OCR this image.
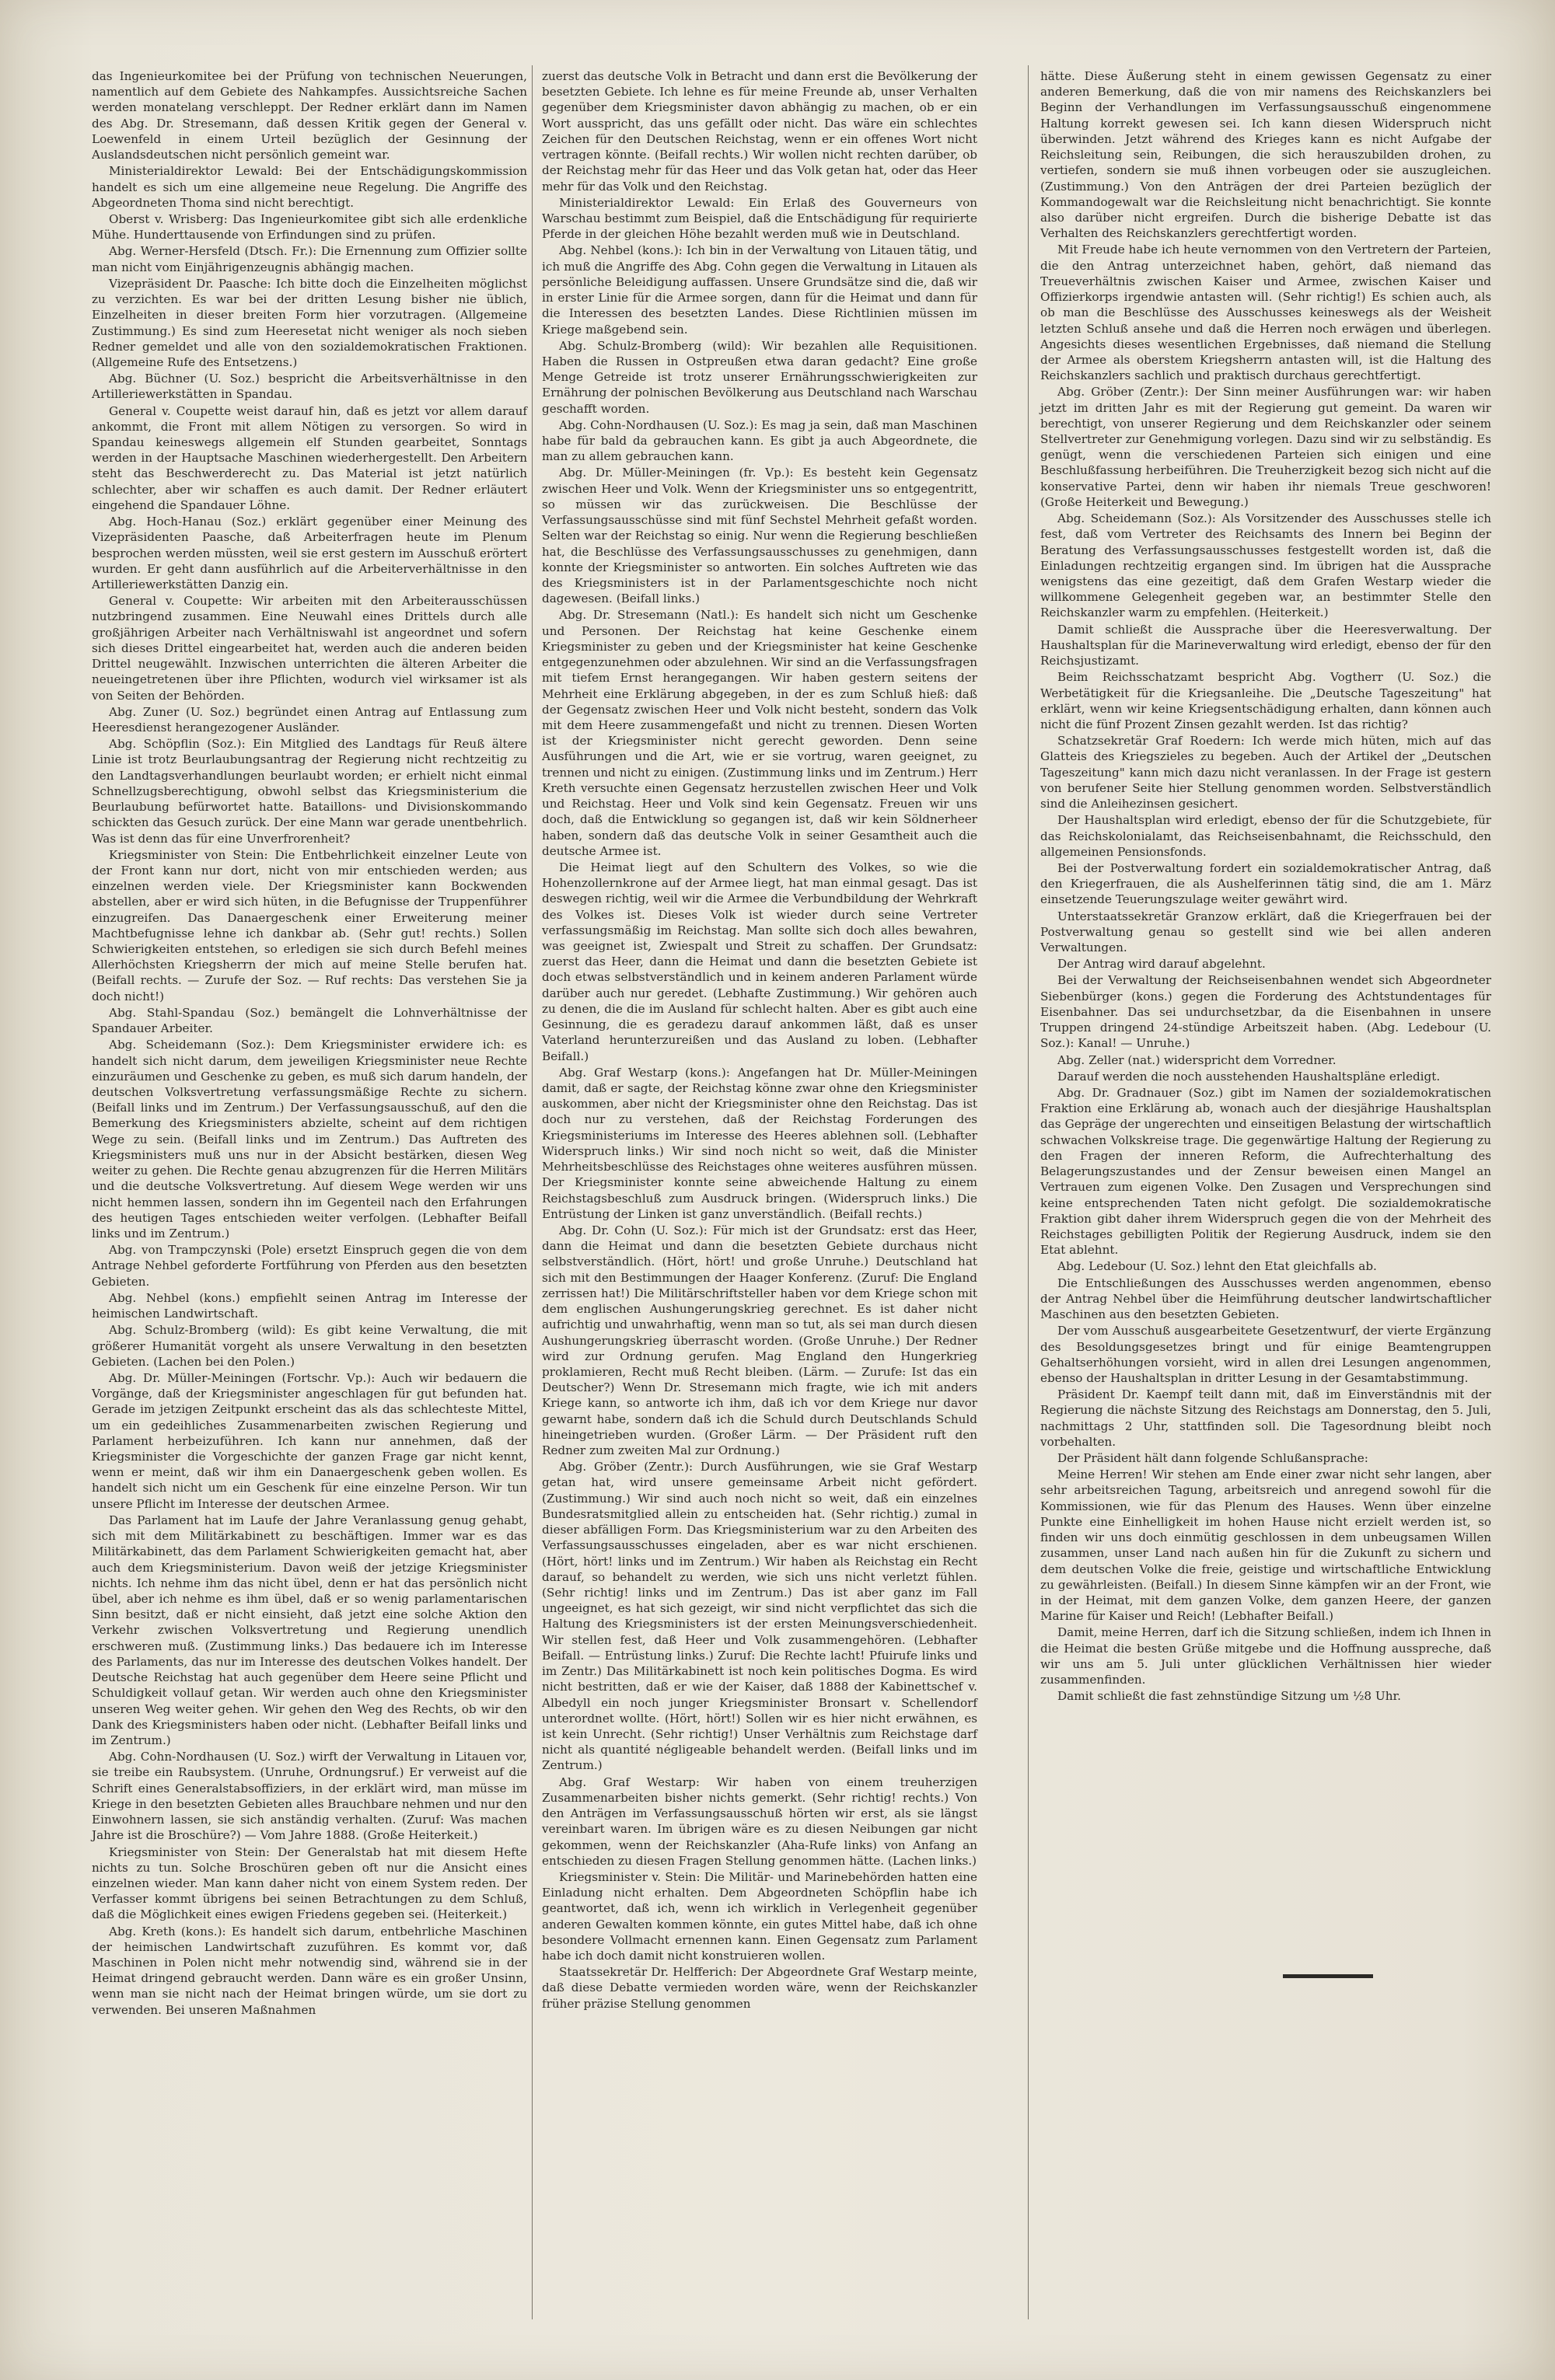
das Ingenieurkomitee bei der Prüfung von technischen Neuerungen, namentlich auf dem Gebiete des Nahkampfes. Aussichtsreiche Sachen werden monatelang verschleppt. Der Redner erklärt dann im Namen des Abg. Dr. Stresemann, daß dessen Kritik gegen der General v. Loewenfeld in einem Urteil bezüglich der Gesinnung der Auslandsdeutschen nicht persönlich gemeint war.

Ministerialdirektor Lewald: Bei der Entschädigungskommission handelt es sich um eine allgemeine neue Regelung. Die Angriffe des Abgeordneten Thoma sind nicht berechtigt.

Oberst v. Wrisberg: Das Ingenieurkomitee gibt sich alle erdenkliche Mühe. Hunderttausende von Erfindungen sind zu prüfen.

Abg. Werner-Hersfeld (Dtsch. Fr.): Die Ernennung zum Offizier sollte man nicht vom Einjährigenzeugnis abhängig machen.

Vizepräsident Dr. Paasche: Ich bitte doch die Einzelheiten möglichst zu verzichten. Es war bei der dritten Lesung bisher nie üblich, Einzelheiten in dieser breiten Form hier vorzutragen. (Allgemeine Zustimmung.) Es sind zum Heeresetat nicht weniger als noch sieben Redner gemeldet und alle von den sozialdemokratischen Fraktionen. (Allgemeine Rufe des Entsetzens.)

Abg. Büchner (U. Soz.) bespricht die Arbeitsverhältnisse in den Artilleriewerkstätten in Spandau.

General v. Coupette weist darauf hin, daß es jetzt vor allem darauf ankommt, die Front mit allem Nötigen zu versorgen. So wird in Spandau keineswegs allgemein elf Stunden gearbeitet, Sonntags werden in der Hauptsache Maschinen wiederhergestellt. Den Arbeitern steht das Beschwerderecht zu. Das Material ist jetzt natürlich schlechter, aber wir schaffen es auch damit. Der Redner erläutert eingehend die Spandauer Löhne.

Abg. Hoch-Hanau (Soz.) erklärt gegenüber einer Meinung des Vizepräsidenten Paasche, daß Arbeiterfragen heute im Plenum besprochen werden müssten, weil sie erst gestern im Ausschuß erörtert wurden. Er geht dann ausführlich auf die Arbeiterverhältnisse in den Artilleriewerkstätten Danzig ein.

General v. Coupette: Wir arbeiten mit den Arbeiterausschüssen nutzbringend zusammen. Eine Neuwahl eines Drittels durch alle großjährigen Arbeiter nach Verhältniswahl ist angeordnet und sofern sich dieses Drittel eingearbeitet hat, werden auch die anderen beiden Drittel neugewählt. Inzwischen unterrichten die älteren Arbeiter die neueingetretenen über ihre Pflichten, wodurch viel wirksamer ist als von Seiten der Behörden.

Abg. Zuner (U. Soz.) begründet einen Antrag auf Entlassung zum Heeresdienst herangezogener Ausländer.

Abg. Schöpflin (Soz.): Ein Mitglied des Landtags für Reuß ältere Linie ist trotz Beurlaubungsantrag der Regierung nicht rechtzeitig zu den Landtagsverhandlungen beurlaubt worden; er erhielt nicht einmal Schnellzugsberechtigung, obwohl selbst das Kriegsministerium die Beurlaubung befürwortet hatte. Bataillons- und Divisionskommando schickten das Gesuch zurück. Der eine Mann war gerade unentbehrlich. Was ist denn das für eine Unverfrorenheit?

Kriegsminister von Stein: Die Entbehrlichkeit einzelner Leute von der Front kann nur dort, nicht von mir entschieden werden; aus einzelnen werden viele. Der Kriegsminister kann Bockwenden abstellen, aber er wird sich hüten, in die Befugnisse der Truppenführer einzugreifen. Das Danaergeschenk einer Erweiterung meiner Machtbefugnisse lehne ich dankbar ab. (Sehr gut! rechts.) Sollen Schwierigkeiten entstehen, so erledigen sie sich durch Befehl meines Allerhöchsten Kriegsherrn der mich auf meine Stelle berufen hat. (Beifall rechts. — Zurufe der Soz. — Ruf rechts: Das verstehen Sie ja doch nicht!)

Abg. Stahl-Spandau (Soz.) bemängelt die Lohnverhältnisse der Spandauer Arbeiter.

Abg. Scheidemann (Soz.): Dem Kriegsminister erwidere ich: es handelt sich nicht darum, dem jeweiligen Kriegsminister neue Rechte einzuräumen und Geschenke zu geben, es muß sich darum handeln, der deutschen Volksvertretung verfassungsmäßige Rechte zu sichern. (Beifall links und im Zentrum.) Der Verfassungsausschuß, auf den die Bemerkung des Kriegsministers abzielte, scheint auf dem richtigen Wege zu sein. (Beifall links und im Zentrum.) Das Auftreten des Kriegsministers muß uns nur in der Absicht bestärken, diesen Weg weiter zu gehen. Die Rechte genau abzugrenzen für die Herren Militärs und die deutsche Volksvertretung. Auf diesem Wege werden wir uns nicht hemmen lassen, sondern ihn im Gegenteil nach den Erfahrungen des heutigen Tages entschieden weiter verfolgen. (Lebhafter Beifall links und im Zentrum.)

Abg. von Trampczynski (Pole) ersetzt Einspruch gegen die von dem Antrage Nehbel geforderte Fortführung von Pferden aus den besetzten Gebieten.

Abg. Nehbel (kons.) empfiehlt seinen Antrag im Interesse der heimischen Landwirtschaft.

Abg. Schulz-Bromberg (wild): Es gibt keine Verwaltung, die mit größerer Humanität vorgeht als unsere Verwaltung in den besetzten Gebieten. (Lachen bei den Polen.)

Abg. Dr. Müller-Meiningen (Fortschr. Vp.): Auch wir bedauern die Vorgänge, daß der Kriegsminister angeschlagen für gut befunden hat. Gerade im jetzigen Zeitpunkt erscheint das als das schlechteste Mittel, um ein gedeihliches Zusammenarbeiten zwischen Regierung und Parlament herbeizuführen. Ich kann nur annehmen, daß der Kriegsminister die Vorgeschichte der ganzen Frage gar nicht kennt, wenn er meint, daß wir ihm ein Danaergeschenk geben wollen. Es handelt sich nicht um ein Geschenk für eine einzelne Person. Wir tun unsere Pflicht im Interesse der deutschen Armee.

Das Parlament hat im Laufe der Jahre Veranlassung genug gehabt, sich mit dem Militärkabinett zu beschäftigen. Immer war es das Militärkabinett, das dem Parlament Schwierigkeiten gemacht hat, aber auch dem Kriegsministerium. Davon weiß der jetzige Kriegsminister nichts. Ich nehme ihm das nicht übel, denn er hat das persönlich nicht übel, aber ich nehme es ihm übel, daß er so wenig parlamentarischen Sinn besitzt, daß er nicht einsieht, daß jetzt eine solche Aktion den Verkehr zwischen Volksvertretung und Regierung unendlich erschweren muß. (Zustimmung links.) Das bedauere ich im Interesse des Parlaments, das nur im Interesse des deutschen Volkes handelt. Der Deutsche Reichstag hat auch gegenüber dem Heere seine Pflicht und Schuldigkeit vollauf getan. Wir werden auch ohne den Kriegsminister unseren Weg weiter gehen. Wir gehen den Weg des Rechts, ob wir den Dank des Kriegsministers haben oder nicht. (Lebhafter Beifall links und im Zentrum.)

Abg. Cohn-Nordhausen (U. Soz.) wirft der Verwaltung in Litauen vor, sie treibe ein Raubsystem. (Unruhe, Ordnungsruf.) Er verweist auf die Schrift eines Generalstabsoffiziers, in der erklärt wird, man müsse im Kriege in den besetzten Gebieten alles Brauchbare nehmen und nur den Einwohnern lassen, sie sich anständig verhalten. (Zuruf: Was machen Jahre ist die Broschüre?) — Vom Jahre 1888. (Große Heiterkeit.)

Kriegsminister von Stein: Der Generalstab hat mit diesem Hefte nichts zu tun. Solche Broschüren geben oft nur die Ansicht eines einzelnen wieder. Man kann daher nicht von einem System reden. Der Verfasser kommt übrigens bei seinen Betrachtungen zu dem Schluß, daß die Möglichkeit eines ewigen Friedens gegeben sei. (Heiterkeit.)

Abg. Kreth (kons.): Es handelt sich darum, entbehrliche Maschinen der heimischen Landwirtschaft zuzuführen. Es kommt vor, daß Maschinen in Polen nicht mehr notwendig sind, während sie in der Heimat dringend gebraucht werden. Dann wäre es ein großer Unsinn, wenn man sie nicht nach der Heimat bringen würde, um sie dort zu verwenden. Bei unseren Maßnahmen

zuerst das deutsche Volk in Betracht und dann erst die Bevölkerung der besetzten Gebiete. Ich lehne es für meine Freunde ab, unser Verhalten gegenüber dem Kriegsminister davon abhängig zu machen, ob er ein Wort ausspricht, das uns gefällt oder nicht. Das wäre ein schlechtes Zeichen für den Deutschen Reichstag, wenn er ein offenes Wort nicht vertragen könnte. (Beifall rechts.) Wir wollen nicht rechten darüber, ob der Reichstag mehr für das Heer und das Volk getan hat, oder das Heer mehr für das Volk und den Reichstag.

Ministerialdirektor Lewald: Ein Erlaß des Gouverneurs von Warschau bestimmt zum Beispiel, daß die Entschädigung für requirierte Pferde in der gleichen Höhe bezahlt werden muß wie in Deutschland.

Abg. Nehbel (kons.): Ich bin in der Verwaltung von Litauen tätig, und ich muß die Angriffe des Abg. Cohn gegen die Verwaltung in Litauen als persönliche Beleidigung auffassen. Unsere Grundsätze sind die, daß wir in erster Linie für die Armee sorgen, dann für die Heimat und dann für die Interessen des besetzten Landes. Diese Richtlinien müssen im Kriege maßgebend sein.

Abg. Schulz-Bromberg (wild): Wir bezahlen alle Requisitionen. Haben die Russen in Ostpreußen etwa daran gedacht? Eine große Menge Getreide ist trotz unserer Ernährungsschwierigkeiten zur Ernährung der polnischen Bevölkerung aus Deutschland nach Warschau geschafft worden.

Abg. Cohn-Nordhausen (U. Soz.): Es mag ja sein, daß man Maschinen habe für bald da gebrauchen kann. Es gibt ja auch Abgeordnete, die man zu allem gebrauchen kann.

Abg. Dr. Müller-Meiningen (fr. Vp.): Es besteht kein Gegensatz zwischen Heer und Volk. Wenn der Kriegsminister uns so entgegentritt, so müssen wir das zurückweisen. Die Beschlüsse der Verfassungsausschüsse sind mit fünf Sechstel Mehrheit gefaßt worden. Selten war der Reichstag so einig. Nur wenn die Regierung beschließen hat, die Beschlüsse des Verfassungsausschusses zu genehmigen, dann konnte der Kriegsminister so antworten. Ein solches Auftreten wie das des Kriegsministers ist in der Parlamentsgeschichte noch nicht dagewesen. (Beifall links.)

Abg. Dr. Stresemann (Natl.): Es handelt sich nicht um Geschenke und Personen. Der Reichstag hat keine Geschenke einem Kriegsminister zu geben und der Kriegsminister hat keine Geschenke entgegenzunehmen oder abzulehnen. Wir sind an die Verfassungsfragen mit tiefem Ernst herangegangen. Wir haben gestern seitens der Mehrheit eine Erklärung abgegeben, in der es zum Schluß hieß: daß der Gegensatz zwischen Heer und Volk nicht besteht, sondern das Volk mit dem Heere zusammengefaßt und nicht zu trennen. Diesen Worten ist der Kriegsminister nicht gerecht geworden. Denn seine Ausführungen und die Art, wie er sie vortrug, waren geeignet, zu trennen und nicht zu einigen. (Zustimmung links und im Zentrum.) Herr Kreth versuchte einen Gegensatz herzustellen zwischen Heer und Volk und Reichstag. Heer und Volk sind kein Gegensatz. Freuen wir uns doch, daß die Entwicklung so gegangen ist, daß wir kein Söldnerheer haben, sondern daß das deutsche Volk in seiner Gesamtheit auch die deutsche Armee ist.

Die Heimat liegt auf den Schultern des Volkes, so wie die Hohenzollernkrone auf der Armee liegt, hat man einmal gesagt. Das ist deswegen richtig, weil wir die Armee die Verbundbildung der Wehrkraft des Volkes ist. Dieses Volk ist wieder durch seine Vertreter verfassungsmäßig im Reichstag. Man sollte sich doch alles bewahren, was geeignet ist, Zwiespalt und Streit zu schaffen. Der Grundsatz: zuerst das Heer, dann die Heimat und dann die besetzten Gebiete ist doch etwas selbstverständlich und in keinem anderen Parlament würde darüber auch nur geredet. (Lebhafte Zustimmung.) Wir gehören auch zu denen, die die im Ausland für schlecht halten. Aber es gibt auch eine Gesinnung, die es geradezu darauf ankommen läßt, daß es unser Vaterland herunterzureißen und das Ausland zu loben. (Lebhafter Beifall.)

Abg. Graf Westarp (kons.): Angefangen hat Dr. Müller-Meiningen damit, daß er sagte, der Reichstag könne zwar ohne den Kriegsminister auskommen, aber nicht der Kriegsminister ohne den Reichstag. Das ist doch nur zu verstehen, daß der Reichstag Forderungen des Kriegsministeriums im Interesse des Heeres ablehnen soll. (Lebhafter Widerspruch links.) Wir sind noch nicht so weit, daß die Minister Mehrheitsbeschlüsse des Reichstages ohne weiteres ausführen müssen. Der Kriegsminister konnte seine abweichende Haltung zu einem Reichstagsbeschluß zum Ausdruck bringen. (Widerspruch links.) Die Entrüstung der Linken ist ganz unverständlich. (Beifall rechts.)

Abg. Dr. Cohn (U. Soz.): Für mich ist der Grundsatz: erst das Heer, dann die Heimat und dann die besetzten Gebiete durchaus nicht selbstverständlich. (Hört, hört! und große Unruhe.) Deutschland hat sich mit den Bestimmungen der Haager Konferenz. (Zuruf: Die England zerrissen hat!) Die Militärschriftsteller haben vor dem Kriege schon mit dem englischen Aushungerungskrieg gerechnet. Es ist daher nicht aufrichtig und unwahrhaftig, wenn man so tut, als sei man durch diesen Aushungerungskrieg überrascht worden. (Große Unruhe.) Der Redner wird zur Ordnung gerufen. Mag England den Hungerkrieg proklamieren, Recht muß Recht bleiben. (Lärm. — Zurufe: Ist das ein Deutscher?) Wenn Dr. Stresemann mich fragte, wie ich mit anders Kriege kann, so antworte ich ihm, daß ich vor dem Kriege nur davor gewarnt habe, sondern daß ich die Schuld durch Deutschlands Schuld hineingetrieben wurden. (Großer Lärm. — Der Präsident ruft den Redner zum zweiten Mal zur Ordnung.)

Abg. Gröber (Zentr.): Durch Ausführungen, wie sie Graf Westarp getan hat, wird unsere gemeinsame Arbeit nicht gefördert. (Zustimmung.) Wir sind auch noch nicht so weit, daß ein einzelnes Bundesratsmitglied allein zu entscheiden hat. (Sehr richtig.) zumal in dieser abfälligen Form. Das Kriegsministerium war zu den Arbeiten des Verfassungsausschusses eingeladen, aber es war nicht erschienen. (Hört, hört! links und im Zentrum.) Wir haben als Reichstag ein Recht darauf, so behandelt zu werden, wie sich uns nicht verletzt fühlen. (Sehr richtig! links und im Zentrum.) Das ist aber ganz im Fall ungeeignet, es hat sich gezeigt, wir sind nicht verpflichtet das sich die Haltung des Kriegsministers ist der ersten Meinungsverschiedenheit. Wir stellen fest, daß Heer und Volk zusammengehören. (Lebhafter Beifall. — Entrüstung links.) Zuruf: Die Rechte lacht! Pfuirufe links und im Zentr.) Das Militärkabinett ist noch kein politisches Dogma. Es wird nicht bestritten, daß er wie der Kaiser, daß 1888 der Kabinettschef v. Albedyll ein noch junger Kriegsminister Bronsart v. Schellendorf unterordnet wollte. (Hört, hört!) Sollen wir es hier nicht erwähnen, es ist kein Unrecht. (Sehr richtig!) Unser Verhältnis zum Reichstage darf nicht als quantité négligeable behandelt werden. (Beifall links und im Zentrum.)

Abg. Graf Westarp: Wir haben von einem treuherzigen Zusammenarbeiten bisher nichts gemerkt. (Sehr richtig! rechts.) Von den Anträgen im Verfassungsausschuß hörten wir erst, als sie längst vereinbart waren. Im übrigen wäre es zu diesen Neibungen gar nicht gekommen, wenn der Reichskanzler (Aha-Rufe links) von Anfang an entschieden zu diesen Fragen Stellung genommen hätte. (Lachen links.)

Kriegsminister v. Stein: Die Militär- und Marinebehörden hatten eine Einladung nicht erhalten. Dem Abgeordneten Schöpflin habe ich geantwortet, daß ich, wenn ich wirklich in Verlegenheit gegenüber anderen Gewalten kommen könnte, ein gutes Mittel habe, daß ich ohne besondere Vollmacht ernennen kann. Einen Gegensatz zum Parlament habe ich doch damit nicht konstruieren wollen.

Staatssekretär Dr. Helfferich: Der Abgeordnete Graf Westarp meinte, daß diese Debatte vermieden worden wäre, wenn der Reichskanzler früher präzise Stellung genommen

hätte. Diese Äußerung steht in einem gewissen Gegensatz zu einer anderen Bemerkung, daß die von mir namens des Reichskanzlers bei Beginn der Verhandlungen im Verfassungsausschuß eingenommene Haltung korrekt gewesen sei. Ich kann diesen Widerspruch nicht überwinden. Jetzt während des Krieges kann es nicht Aufgabe der Reichsleitung sein, Reibungen, die sich herauszubilden drohen, zu vertiefen, sondern sie muß ihnen vorbeugen oder sie auszugleichen. (Zustimmung.) Von den Anträgen der drei Parteien bezüglich der Kommandogewalt war die Reichsleitung nicht benachrichtigt. Sie konnte also darüber nicht ergreifen. Durch die bisherige Debatte ist das Verhalten des Reichskanzlers gerechtfertigt worden.

Mit Freude habe ich heute vernommen von den Vertretern der Parteien, die den Antrag unterzeichnet haben, gehört, daß niemand das Treueverhältnis zwischen Kaiser und Armee, zwischen Kaiser und Offizierkorps irgendwie antasten will. (Sehr richtig!) Es schien auch, als ob man die Beschlüsse des Ausschusses keineswegs als der Weisheit letzten Schluß ansehe und daß die Herren noch erwägen und überlegen. Angesichts dieses wesentlichen Ergebnisses, daß niemand die Stellung der Armee als oberstem Kriegsherrn antasten will, ist die Haltung des Reichskanzlers sachlich und praktisch durchaus gerechtfertigt.

Abg. Gröber (Zentr.): Der Sinn meiner Ausführungen war: wir haben jetzt im dritten Jahr es mit der Regierung gut gemeint. Da waren wir berechtigt, von unserer Regierung und dem Reichskanzler oder seinem Stellvertreter zur Genehmigung vorlegen. Dazu sind wir zu selbständig. Es genügt, wenn die verschiedenen Parteien sich einigen und eine Beschlußfassung herbeiführen. Die Treuherzigkeit bezog sich nicht auf die konservative Partei, denn wir haben ihr niemals Treue geschworen! (Große Heiterkeit und Bewegung.)

Abg. Scheidemann (Soz.): Als Vorsitzender des Ausschusses stelle ich fest, daß vom Vertreter des Reichsamts des Innern bei Beginn der Beratung des Verfassungsausschusses festgestellt worden ist, daß die Einladungen rechtzeitig ergangen sind. Im übrigen hat die Aussprache wenigstens das eine gezeitigt, daß dem Grafen Westarp wieder die willkommene Gelegenheit gegeben war, an bestimmter Stelle den Reichskanzler warm zu empfehlen. (Heiterkeit.)

Damit schließt die Aussprache über die Heeresverwaltung. Der Haushaltsplan für die Marineverwaltung wird erledigt, ebenso der für den Reichsjustizamt.

Beim Reichsschatzamt bespricht Abg. Vogtherr (U. Soz.) die Werbetätigkeit für die Kriegsanleihe. Die „Deutsche Tageszeitung" hat erklärt, wenn wir keine Kriegsentschädigung erhalten, dann können auch nicht die fünf Prozent Zinsen gezahlt werden. Ist das richtig?

Schatzsekretär Graf Roedern: Ich werde mich hüten, mich auf das Glatteis des Kriegszieles zu begeben. Auch der Artikel der „Deutschen Tageszeitung" kann mich dazu nicht veranlassen. In der Frage ist gestern von berufener Seite hier Stellung genommen worden. Selbstverständlich sind die Anleihezinsen gesichert.

Der Haushaltsplan wird erledigt, ebenso der für die Schutzgebiete, für das Reichskolonialamt, das Reichseisenbahnamt, die Reichsschuld, den allgemeinen Pensionsfonds.

Bei der Postverwaltung fordert ein sozialdemokratischer Antrag, daß den Kriegerfrauen, die als Aushelferinnen tätig sind, die am 1. März einsetzende Teuerungszulage weiter gewährt wird.

Unterstaatssekretär Granzow erklärt, daß die Kriegerfrauen bei der Postverwaltung genau so gestellt sind wie bei allen anderen Verwaltungen.

Der Antrag wird darauf abgelehnt.

Bei der Verwaltung der Reichseisenbahnen wendet sich Abgeordneter Siebenbürger (kons.) gegen die Forderung des Achtstundentages für Eisenbahner. Das sei undurchsetzbar, da die Eisenbahnen in unsere Truppen dringend 24-stündige Arbeitszeit haben. (Abg. Ledebour (U. Soz.): Kanal! — Unruhe.)

Abg. Zeller (nat.) widerspricht dem Vorredner.

Darauf werden die noch ausstehenden Haushaltspläne erledigt.

Abg. Dr. Gradnauer (Soz.) gibt im Namen der sozialdemokratischen Fraktion eine Erklärung ab, wonach auch der diesjährige Haushaltsplan das Gepräge der ungerechten und einseitigen Belastung der wirtschaftlich schwachen Volkskreise trage. Die gegenwärtige Haltung der Regierung zu den Fragen der inneren Reform, die Aufrechterhaltung des Belagerungszustandes und der Zensur beweisen einen Mangel an Vertrauen zum eigenen Volke. Den Zusagen und Versprechungen sind keine entsprechenden Taten nicht gefolgt. Die sozialdemokratische Fraktion gibt daher ihrem Widerspruch gegen die von der Mehrheit des Reichstages gebilligten Politik der Regierung Ausdruck, indem sie den Etat ablehnt.

Abg. Ledebour (U. Soz.) lehnt den Etat gleichfalls ab.

Die Entschließungen des Ausschusses werden angenommen, ebenso der Antrag Nehbel über die Heimführung deutscher landwirtschaftlicher Maschinen aus den besetzten Gebieten.

Der vom Ausschuß ausgearbeitete Gesetzentwurf, der vierte Ergänzung des Besoldungsgesetzes bringt und für einige Beamtengruppen Gehaltserhöhungen vorsieht, wird in allen drei Lesungen angenommen, ebenso der Haushaltsplan in dritter Lesung in der Gesamtabstimmung.

Präsident Dr. Kaempf teilt dann mit, daß im Einverständnis mit der Regierung die nächste Sitzung des Reichstags am Donnerstag, den 5. Juli, nachmittags 2 Uhr, stattfinden soll. Die Tagesordnung bleibt noch vorbehalten.

Der Präsident hält dann folgende Schlußansprache:

Meine Herren! Wir stehen am Ende einer zwar nicht sehr langen, aber sehr arbeitsreichen Tagung, arbeitsreich und anregend sowohl für die Kommissionen, wie für das Plenum des Hauses. Wenn über einzelne Punkte eine Einhelligkeit im hohen Hause nicht erzielt werden ist, so finden wir uns doch einmütig geschlossen in dem unbeugsamen Willen zusammen, unser Land nach außen hin für die Zukunft zu sichern und dem deutschen Volke die freie, geistige und wirtschaftliche Entwicklung zu gewährleisten. (Beifall.) In diesem Sinne kämpfen wir an der Front, wie in der Heimat, mit dem ganzen Volke, dem ganzen Heere, der ganzen Marine für Kaiser und Reich! (Lebhafter Beifall.)

Damit, meine Herren, darf ich die Sitzung schließen, indem ich Ihnen in die Heimat die besten Grüße mitgebe und die Hoffnung ausspreche, daß wir uns am 5. Juli unter glücklichen Verhältnissen hier wieder zusammenfinden.

Damit schließt die fast zehnstündige Sitzung um ½8 Uhr.
